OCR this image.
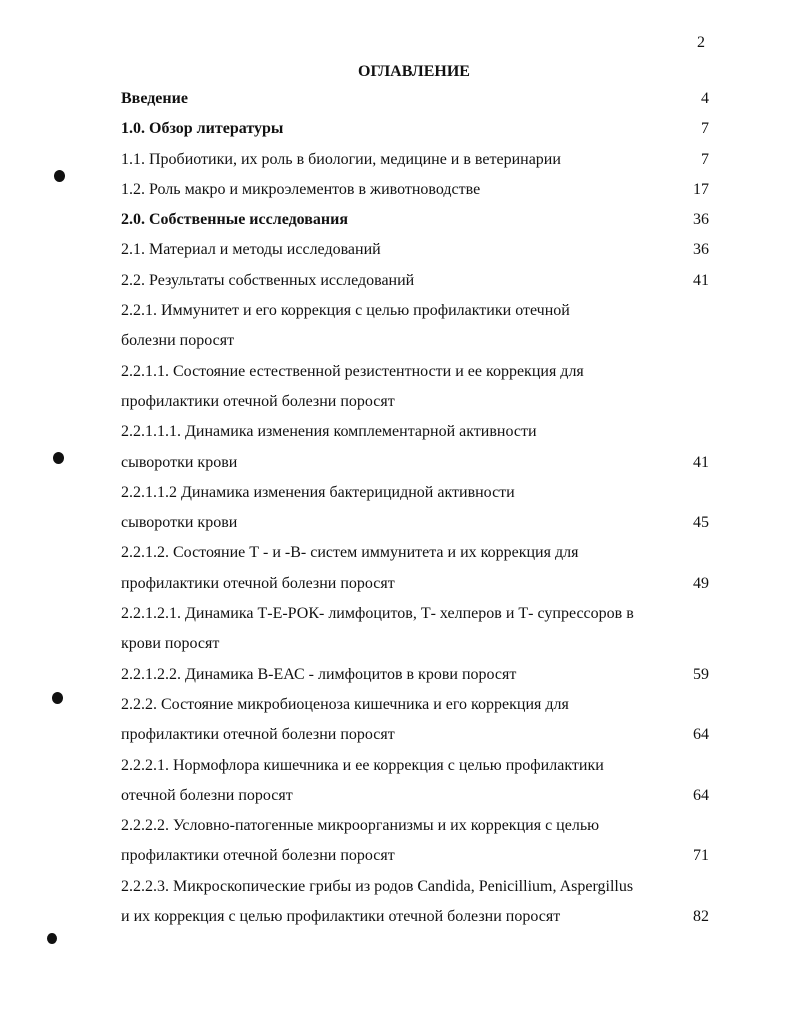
2
ОГЛАВЛЕНИЕ
Введение	4
1.0. Обзор литературы	7
1.1. Пробиотики, их роль в биологии, медицине и в ветеринарии	7
1.2. Роль макро и микроэлементов в животноводстве	17
2.0. Собственные исследования	36
2.1. Материал и методы исследований	36
2.2. Результаты собственных исследований	41
2.2.1. Иммунитет и его коррекция с целью профилактики отечной
болезни поросят
2.2.1.1. Состояние естественной резистентности и ее коррекция для
профилактики отечной болезни поросят
2.2.1.1.1. Динамика изменения комплементарной активности
сыворотки крови	41
2.2.1.1.2 Динамика изменения бактерицидной активности
сыворотки крови	45
2.2.1.2. Состояние Т - и -В- систем иммунитета и их коррекция для
профилактики отечной болезни поросят	49
2.2.1.2.1. Динамика Т-Е-РОК- лимфоцитов, Т- хелперов и Т- супрессоров в
крови поросят
2.2.1.2.2. Динамика В-ЕАС - лимфоцитов в крови поросят	59
2.2.2. Состояние микробиоценоза кишечника и его коррекция для
профилактики отечной болезни поросят	64
2.2.2.1. Нормофлора кишечника и ее коррекция с целью профилактики
отечной болезни поросят	64
2.2.2.2. Условно-патогенные микроорганизмы и их коррекция с целью
профилактики отечной болезни поросят	71
2.2.2.3. Микроскопические грибы из родов Candida, Penicillium, Aspergillus
и их коррекция с целью профилактики отечной болезни поросят	82
